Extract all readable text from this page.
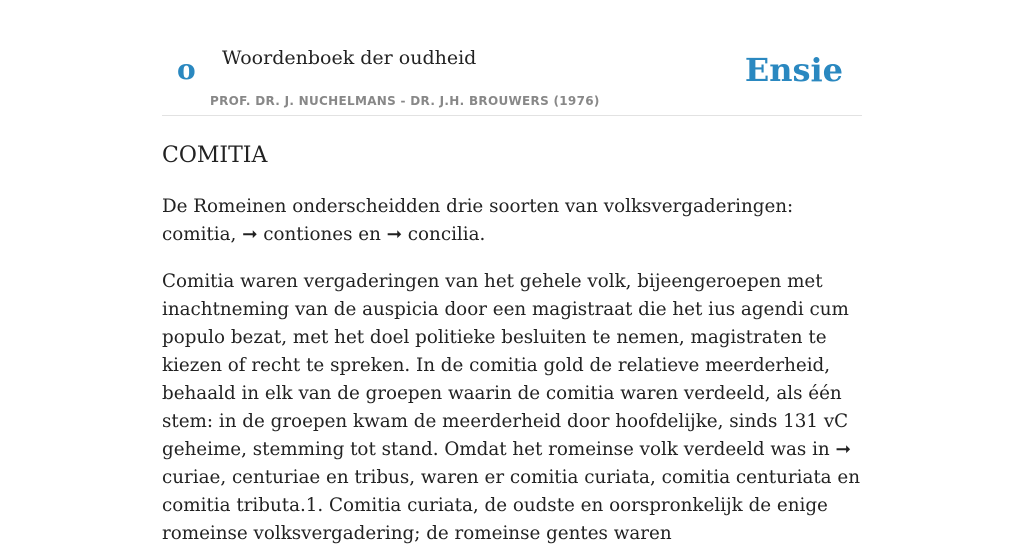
o Woordenboek der oudheid
PROF. DR. J. NUCHELMANS - DR. J.H. BROUWERS (1976)
Ensie
COMITIA

De Romeinen onderscheidden drie soorten van volksvergaderingen: comitia, ➞ contiones en ➞ concilia.

Comitia waren vergaderingen van het gehele volk, bijeengeroepen met inachtneming van de auspicia door een magistraat die het ius agendi cum populo bezat, met het doel politieke besluiten te nemen, magistraten te kiezen of recht te spreken. In de comitia gold de relatieve meerderheid, behaald in elk van de groepen waarin de comitia waren verdeeld, als één stem: in de groepen kwam de meerderheid door hoofdelijke, sinds 131 vC geheime, stemming tot stand. Omdat het romeinse volk verdeeld was in ➞ curiae, centuriae en tribus, waren er comitia curiata, comitia centuriata en comitia tributa.1. Comitia curiata, de oudste en oorspronkelijk de enige romeinse volksvergadering; de romeinse gentes waren
